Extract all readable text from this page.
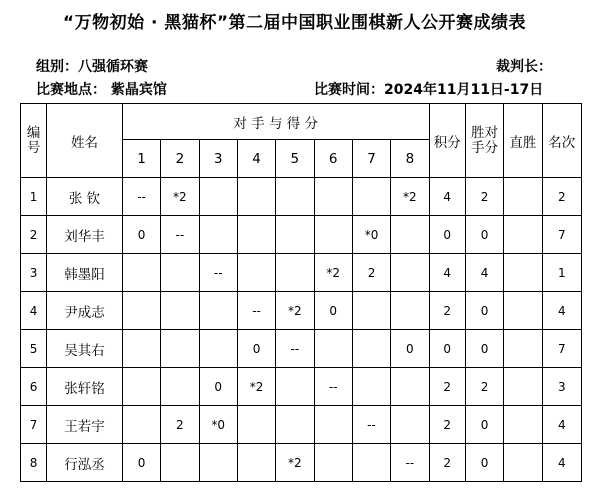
“万物初始 · 黑猫杯”第二届中国职业围棋新人公开赛成绩表
组别：八强循环赛	裁判长：
比赛地点： 紫晶宾馆	比赛时间：2024年11月11日-17日
编号	姓名	对 手 与 得 分								积分	胜对手分	直胜	名次
		1	2	3	4	5	6	7	8				
1	张 钦	--	*2						*2	4	2		2
2	刘华丰	0	--					*0		0	0		7
3	韩墨阳			--			*2	2		4	4		1
4	尹成志				--	*2	0			2	0		4
5	吴其右				0	--			0	0	0		7
6	张轩铭			0	*2		--			2	2		3
7	王若宇		2	*0				--		2	0		4
8	行泓丞	0				*2			--	2	0		4
